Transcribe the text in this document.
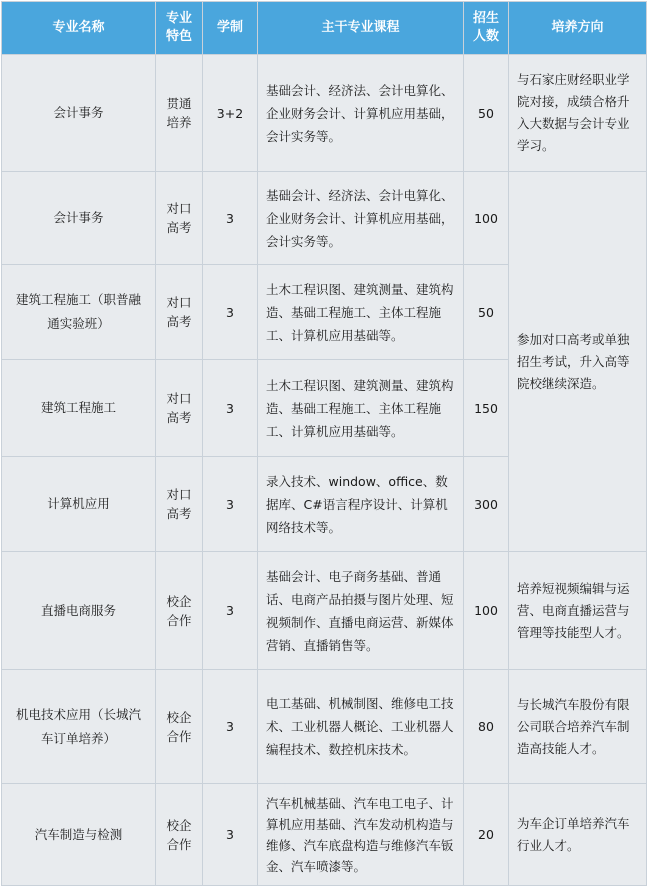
专业名称	专业特色	学制	主干专业课程	招生人数	培养方向
会计事务	贯通培养	3+2	基础会计、经济法、会计电算化、企业财务会计、计算机应用基础，会计实务等。	50	与石家庄财经职业学院对接，成绩合格升入大数据与会计专业学习。
会计事务	对口高考	3	基础会计、经济法、会计电算化、企业财务会计、计算机应用基础，会计实务等。	100	参加对口高考或单独招生考试，升入高等院校继续深造。
建筑工程施工（职普融通实验班）	对口高考	3	土木工程识图、建筑测量、建筑构造、基础工程施工、主体工程施工、计算机应用基础等。	50	
建筑工程施工	对口高考	3	土木工程识图、建筑测量、建筑构造、基础工程施工、主体工程施工、计算机应用基础等。	150	
计算机应用	对口高考	3	录入技术、window、office、数据库、C#语言程序设计、计算机网络技术等。	300	
直播电商服务	校企合作	3	基础会计、电子商务基础、普通话、电商产品拍摄与图片处理、短视频制作、直播电商运营、新媒体营销、直播销售等。	100	培养短视频编辑与运营、电商直播运营与管理等技能型人才。
机电技术应用（长城汽车订单培养）	校企合作	3	电工基础、机械制图、维修电工技术、工业机器人概论、工业机器人编程技术、数控机床技术。	80	与长城汽车股份有限公司联合培养汽车制造高技能人才。
汽车制造与检测	校企合作	3	汽车机械基础、汽车电工电子、计算机应用基础、汽车发动机构造与维修、汽车底盘构造与维修汽车钣金、汽车喷漆等。	20	为车企订单培养汽车行业人才。
